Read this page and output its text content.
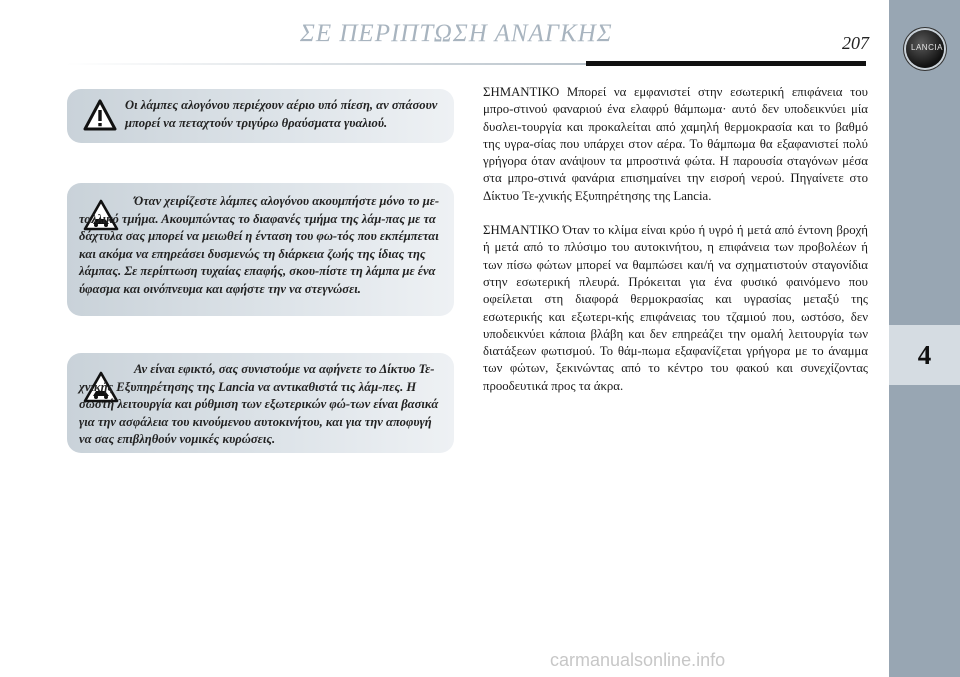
ΣΕ ΠΕΡΙΠΤΩΣΗ ΑΝΑΓΚΗΣ	207	LANCIA
4

Οι λάμπες αλογόνου περιέχουν αέριο υπό πίεση, αν σπάσουν μπορεί να πεταχτούν τριγύρω θραύσματα γυαλιού.

Όταν χειρίζεστε λάμπες αλογόνου ακουμπήστε μόνο το με-ταλλικό τμήμα. Ακουμπώντας το διαφανές τμήμα της λάμ-πας με τα δάχτυλα σας μπορεί να μειωθεί η ένταση του φω-τός που εκπέμπεται και ακόμα να επηρεάσει δυσμενώς τη διάρκεια ζωής της ίδιας της λάμπας. Σε περίπτωση τυχαίας επαφής, σκου-πίστε τη λάμπα με ένα ύφασμα και οινόπνευμα και αφήστε την να στεγνώσει.

Αν είναι εφικτό, σας συνιστούμε να αφήνετε το Δίκτυο Τε-χνικής Εξυπηρέτησης της Lancia να αντικαθιστά τις λάμ-πες. Η σωστή λειτουργία και ρύθμιση των εξωτερικών φώ-των είναι βασικά για την ασφάλεια του κινούμενου αυτοκινήτου, και για την αποφυγή να σας επιβληθούν νομικές κυρώσεις.

ΣΗΜΑΝΤΙΚΟ Μπορεί να εμφανιστεί στην εσωτερική επιφάνεια του μπρο-στινού φαναριού ένα ελαφρύ θάμπωμα· αυτό δεν υποδεικνύει μία δυσλει-τουργία και προκαλείται από χαμηλή θερμοκρασία και το βαθμό της υγρα-σίας που υπάρχει στον αέρα. Το θάμπωμα θα εξαφανιστεί πολύ γρήγορα όταν ανάψουν τα μπροστινά φώτα. Η παρουσία σταγόνων μέσα στα μπρο-στινά φανάρια επισημαίνει την εισροή νερού. Πηγαίνετε στο Δίκτυο Τε-χνικής Εξυπηρέτησης της Lancia.

ΣΗΜΑΝΤΙΚΟ Όταν το κλίμα είναι κρύο ή υγρό ή μετά από έντονη βροχή ή μετά από το πλύσιμο του αυτοκινήτου, η επιφάνεια των προβολέων ή των πίσω φώτων μπορεί να θαμπώσει και/ή να σχηματιστούν σταγονίδια στην εσωτερική πλευρά. Πρόκειται για ένα φυσικό φαινόμενο που οφείλεται στη διαφορά θερμοκρασίας και υγρασίας μεταξύ της εσωτερικής και εξωτερι-κής επιφάνειας του τζαμιού που, ωστόσο, δεν υποδεικνύει κάποια βλάβη και δεν επηρεάζει την ομαλή λειτουργία των διατάξεων φωτισμού. Το θάμ-πωμα εξαφανίζεται γρήγορα με το άναμμα των φώτων, ξεκινώντας από το κέντρο του φακού και συνεχίζοντας προοδευτικά προς τα άκρα.

carmanualsonline.info
